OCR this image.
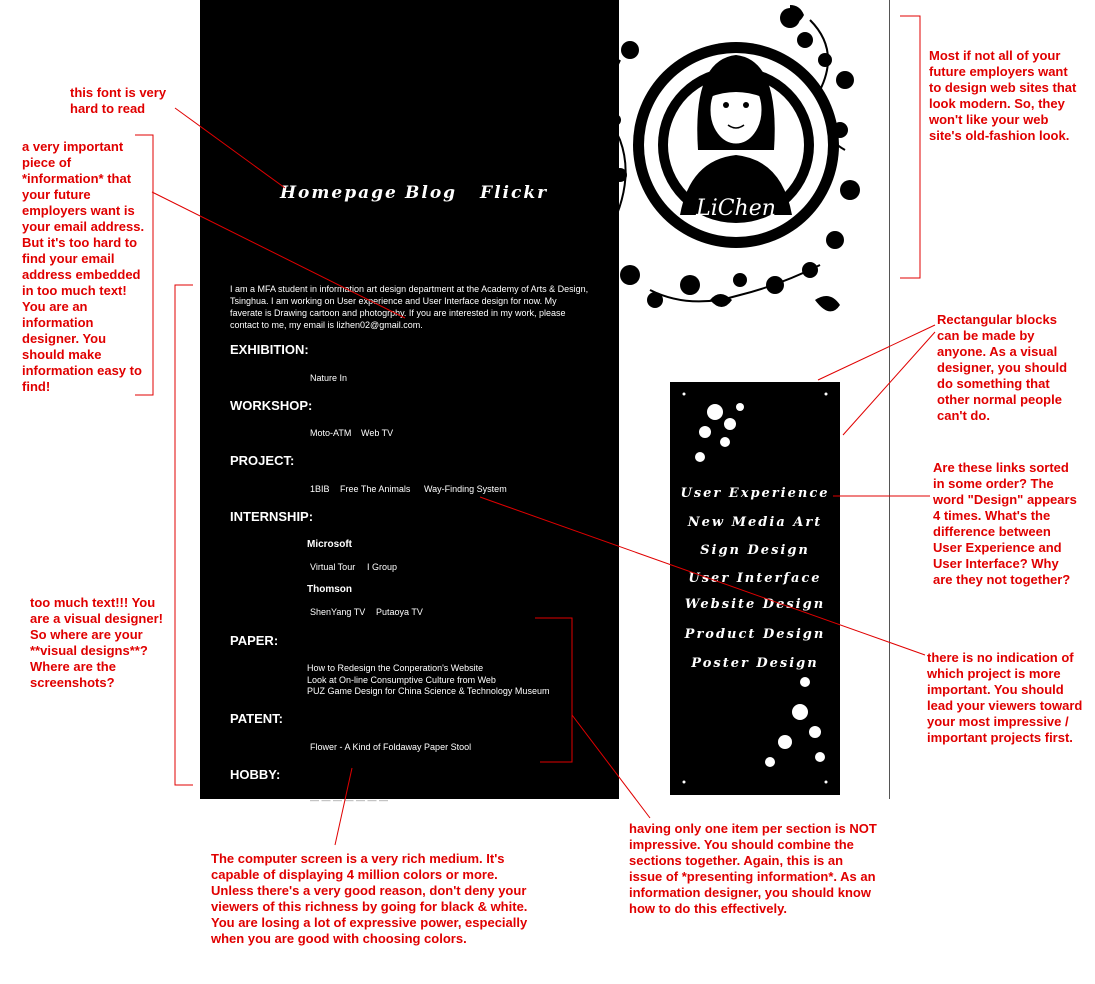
Homepage Blog Flickr
I am a MFA student in information art design department at the Academy of Arts & Design, Tsinghua. I am working on User experience and User Interface design for now. My faverate is Drawing cartoon and photogrphy. If you are interested in my work, please contact to me, my email is lizhen02@gmail.com.
EXHIBITION:
Nature In
WORKSHOP:
Moto-ATM Web TV
PROJECT:
1BIB Free The Animals Way-Finding System
INTERNSHIP:
Microsoft
Virtual Tour I Group
Thomson
ShenYang TV Putaoya TV
PAPER:
How to Redesign the Conperation's Website
Look at On-line Consumptive Culture from Web
PUZ Game Design for China Science & Technology Museum
PATENT:
Flower - A Kind of Foldaway Paper Stool
HOBBY:
— — — — — — —
LiChen
User Experience
New Media Art
Sign Design
User Interface
Website Design
Product Design
Poster Design

this font is very hard to read

a very important piece of *information* that your future employers want is your email address. But it's too hard to find your email address embedded in too much text! You are an information designer. You should make information easy to find!

Most if not all of your future employers want to design web sites that look modern. So, they won't like your web site's old-fashion look.

Rectangular blocks can be made by anyone. As a visual designer, you should do something that other normal people can't do.

Are these links sorted in some order? The word "Design" appears 4 times. What's the difference between User Experience and User Interface? Why are they not together?

too much text!!! You are a visual designer! So where are your **visual designs**? Where are the screenshots?

there is no indication of which project is more important. You should lead your viewers toward your most impressive / important projects first.

having only one item per section is NOT impressive. You should combine the sections together. Again, this is an issue of *presenting information*. As an information designer, you should know how to do this effectively.

The computer screen is a very rich medium. It's capable of displaying 4 million colors or more. Unless there's a very good reason, don't deny your viewers of this richness by going for black & white. You are losing a lot of expressive power, especially when you are good with choosing colors.
